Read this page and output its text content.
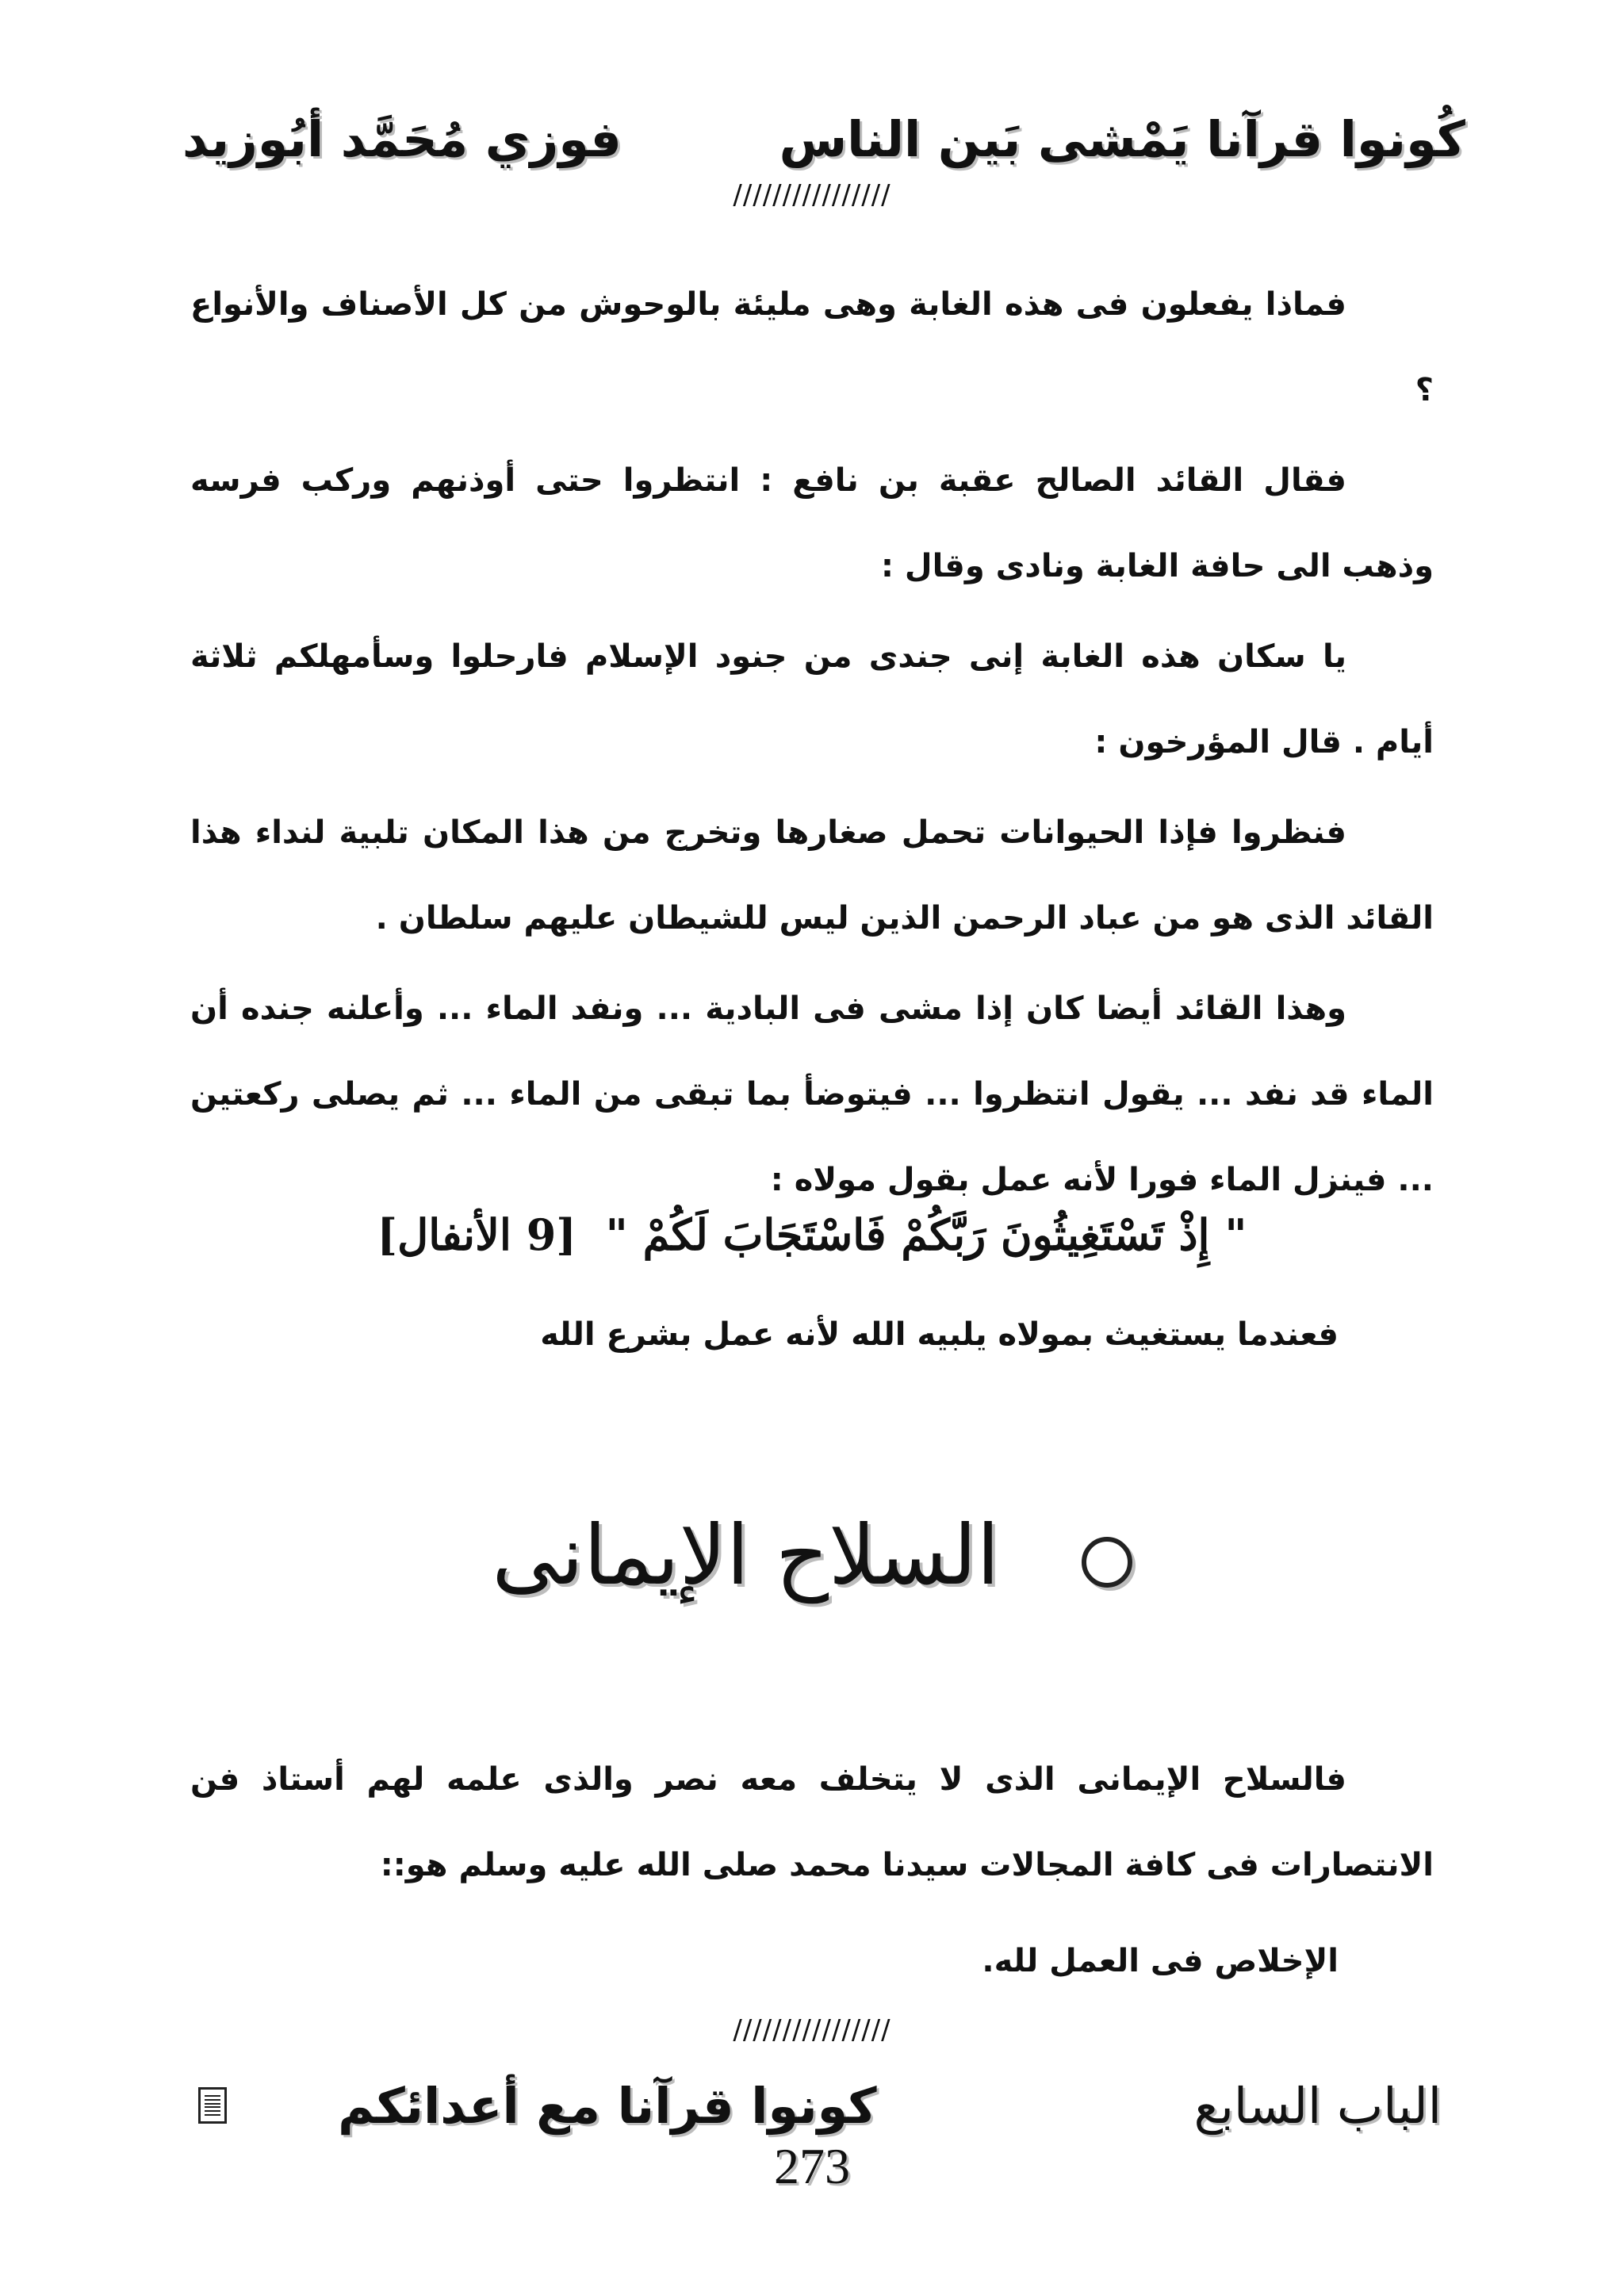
كُونوا قرآنا يَمْشى بَين الناس
فوزي مُحَمَّد أبُوزيد
////////////////

فماذا يفعلون فى هذه الغابة وهى مليئة بالوحوش من كل الأصناف والأنواع ؟

فقال القائد الصالح عقبة بن نافع : انتظروا حتى أوذنهم وركب فرسه وذهب الى حافة الغابة ونادى وقال :

يا سكان هذه الغابة إنى جندى من جنود الإسلام فارحلوا وسأمهلكم ثلاثة أيام . قال المؤرخون :

فنظروا فإذا الحيوانات تحمل صغارها وتخرج من هذا المكان تلبية لنداء هذا القائد الذى هو من عباد الرحمن الذين ليس للشيطان عليهم سلطان .

وهذا القائد أيضا كان إذا مشى فى البادية ... ونفد الماء ... وأعلنه جنده أن الماء قد نفد ... يقول انتظروا ... فيتوضأ بما تبقى من الماء ... ثم يصلى ركعتين ... فينزل الماء فورا لأنه عمل بقول مولاه :

" إِذْ تَسْتَغِيثُونَ رَبَّكُمْ فَاسْتَجَابَ لَكُمْ " [9 الأنفال]
فعندما يستغيث بمولاه يلبيه الله لأنه عمل بشرع الله
السلاح الإيمانى

فالسلاح الإيمانى الذى لا يتخلف معه نصر والذى علمه لهم أستاذ فن الانتصارات فى كافة المجالات سيدنا محمد صلى الله عليه وسلم هو::

الإخلاص فى العمل لله.
////////////////
الباب السابع
كونوا قرآنا مع أعدائكم
273
